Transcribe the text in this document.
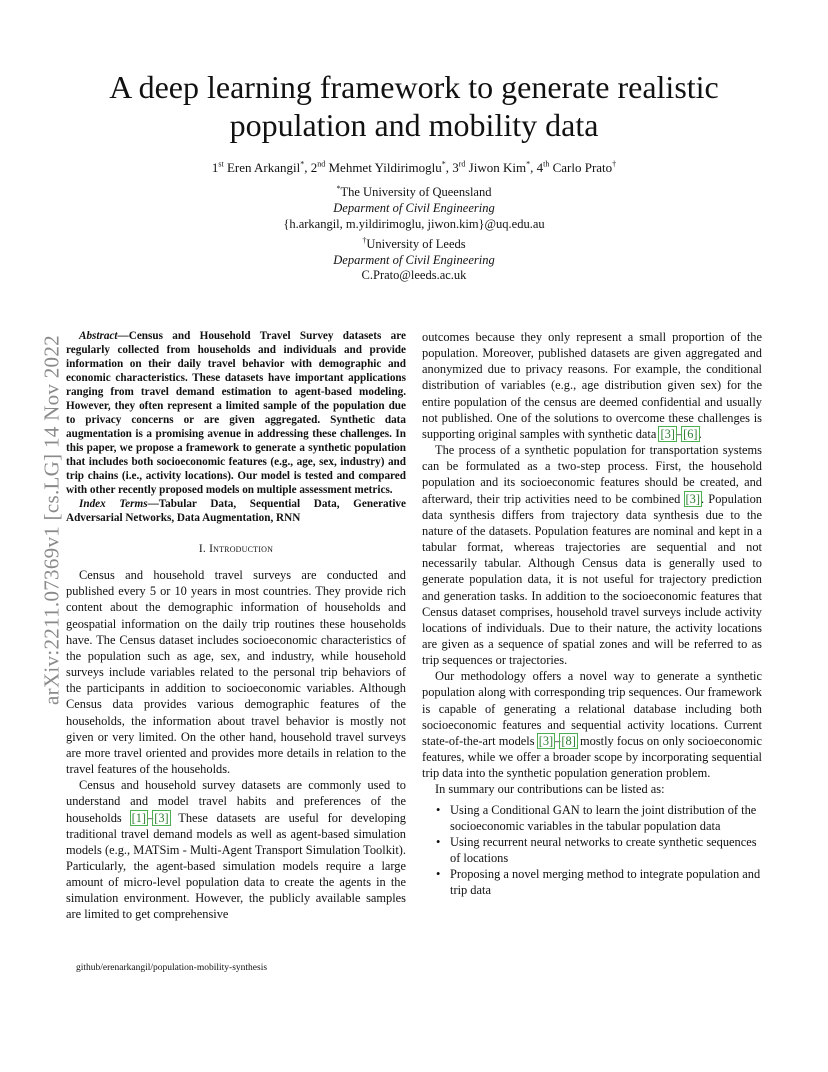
arXiv:2211.07369v1 [cs.LG] 14 Nov 2022
A deep learning framework to generate realistic
population and mobility data
1st Eren Arkangil*, 2nd Mehmet Yildirimoglu*, 3rd Jiwon Kim*, 4th Carlo Prato†
*The University of Queensland
Deparment of Civil Engineering
{h.arkangil, m.yildirimoglu, jiwon.kim}@uq.edu.au
†University of Leeds
Deparment of Civil Engineering
C.Prato@leeds.ac.uk
Abstract—Census and Household Travel Survey datasets are regularly collected from households and individuals and provide information on their daily travel behavior with demographic and economic characteristics. These datasets have important applications ranging from travel demand estimation to agent-based modeling. However, they often represent a limited sample of the population due to privacy concerns or are given aggregated. Synthetic data augmentation is a promising avenue in addressing these challenges. In this paper, we propose a framework to generate a synthetic population that includes both socioeconomic features (e.g., age, sex, industry) and trip chains (i.e., activity locations). Our model is tested and compared with other recently proposed models on multiple assessment metrics.
Index Terms—Tabular Data, Sequential Data, Generative Adversarial Networks, Data Augmentation, RNN
I. Introduction

Census and household travel surveys are conducted and published every 5 or 10 years in most countries. They provide rich content about the demographic information of households and geospatial information on the daily trip routines these households have. The Census dataset includes socioeconomic characteristics of the population such as age, sex, and industry, while household surveys include variables related to the personal trip behaviors of the participants in addition to socioeconomic variables. Although Census data provides various demographic features of the households, the information about travel behavior is mostly not given or very limited. On the other hand, household travel surveys are more travel oriented and provides more details in relation to the travel features of the households.

Census and household survey datasets are commonly used to understand and model travel habits and preferences of the households [1]–[3] These datasets are useful for developing traditional travel demand models as well as agent-based simulation models (e.g., MATSim - Multi-Agent Transport Simulation Toolkit). Particularly, the agent-based simulation models require a large amount of micro-level population data to create the agents in the simulation environment. However, the publicly available samples are limited to get comprehensive

outcomes because they only represent a small proportion of the population. Moreover, published datasets are given aggregated and anonymized due to privacy reasons. For example, the conditional distribution of variables (e.g., age distribution given sex) for the entire population of the census are deemed confidential and usually not published. One of the solutions to overcome these challenges is supporting original samples with synthetic data [3]–[6].

The process of a synthetic population for transportation systems can be formulated as a two-step process. First, the household population and its socioeconomic features should be created, and afterward, their trip activities need to be combined [3]. Population data synthesis differs from trajectory data synthesis due to the nature of the datasets. Population features are nominal and kept in a tabular format, whereas trajectories are sequential and not necessarily tabular. Although Census data is generally used to generate population data, it is not useful for trajectory prediction and generation tasks. In addition to the socioeconomic features that Census dataset comprises, household travel surveys include activity locations of individuals. Due to their nature, the activity locations are given as a sequence of spatial zones and will be referred to as trip sequences or trajectories.

Our methodology offers a novel way to generate a synthetic population along with corresponding trip sequences. Our framework is capable of generating a relational database including both socioeconomic features and sequential activity locations. Current state-of-the-art models [3]–[8] mostly focus on only socioeconomic features, while we offer a broader scope by incorporating sequential trip data into the synthetic population generation problem.

In summary our contributions can be listed as:

• Using a Conditional GAN to learn the joint distribution of the socioeconomic variables in the tabular population data
• Using recurrent neural networks to create synthetic sequences of locations
• Proposing a novel merging method to integrate population and trip data
github/erenarkangil/population-mobility-synthesis
